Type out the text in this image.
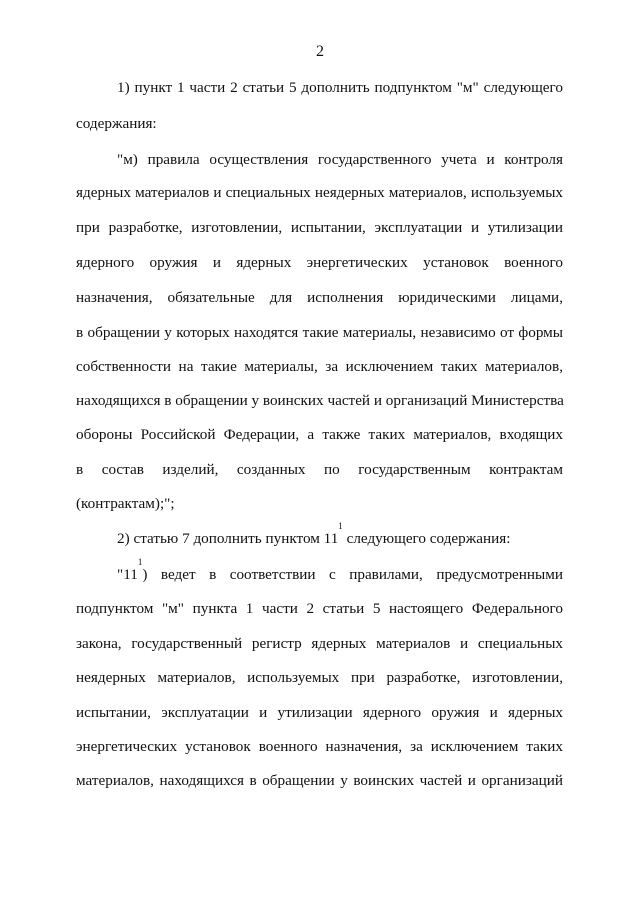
2
1) пункт 1 части 2 статьи 5 дополнить подпунктом "м" следующего
содержания:
"м) правила осуществления государственного учета и контроля
ядерных материалов и специальных неядерных материалов, используемых
при разработке, изготовлении, испытании, эксплуатации и утилизации
ядерного оружия и ядерных энергетических установок военного
назначения, обязательные для исполнения юридическими лицами,
в обращении у которых находятся такие материалы, независимо от формы
собственности на такие материалы, за исключением таких материалов,
находящихся в обращении у воинских частей и организаций Министерства
обороны Российской Федерации, а также таких материалов, входящих
в состав изделий, созданных по государственным контрактам
(контрактам);";
2) статью 7 дополнить пунктом $11^1$ следующего содержания:
"$11^1$) ведет в соответствии с правилами, предусмотренными
подпунктом "м" пункта 1 части 2 статьи 5 настоящего Федерального
закона, государственный регистр ядерных материалов и специальных
неядерных материалов, используемых при разработке, изготовлении,
испытании, эксплуатации и утилизации ядерного оружия и ядерных
энергетических установок военного назначения, за исключением таких
материалов, находящихся в обращении у воинских частей и организаций
